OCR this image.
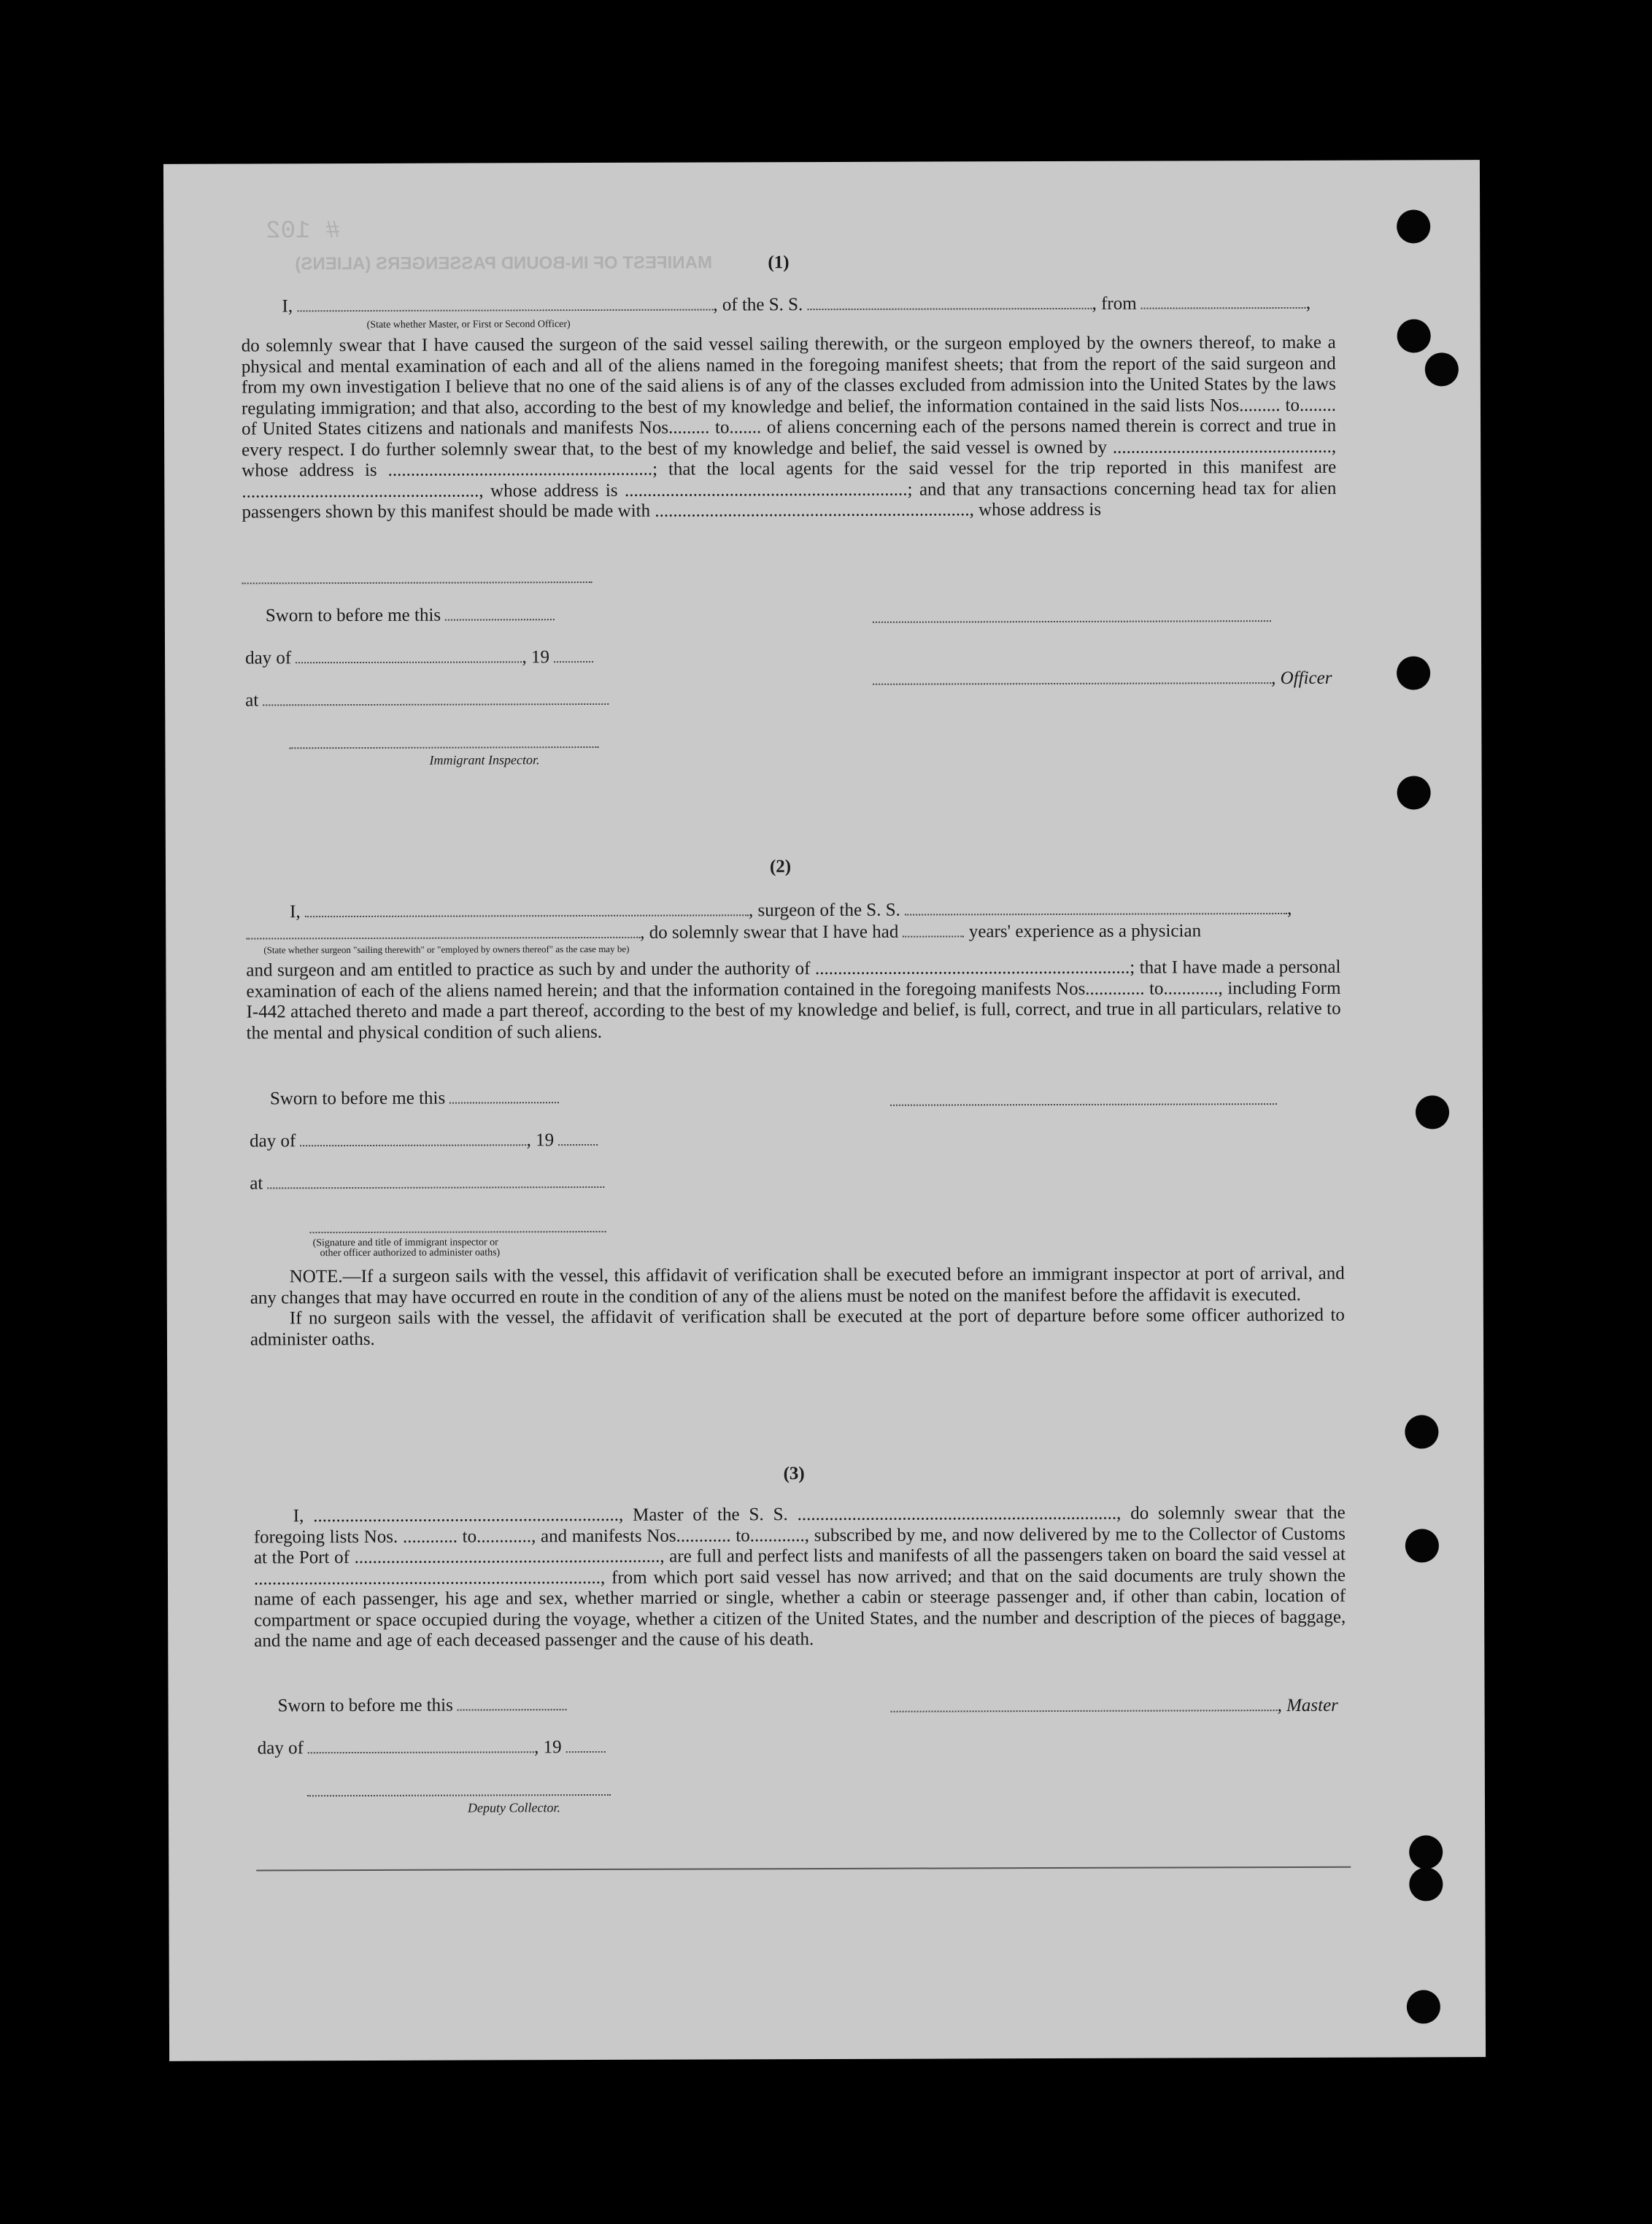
MANIFEST OF IN-BOUND PASSENGERS (ALIENS)
# 102
(1)
I,	, of the S. S.	, from	,
(State whether Master, or First or Second Officer)

do solemnly swear that I have caused the surgeon of the said vessel sailing therewith, or the surgeon employed by the owners thereof, to make a physical and mental examination of each and all of the aliens named in the foregoing manifest sheets; that from the report of the said surgeon and from my own investigation I believe that no one of the said aliens is of any of the classes excluded from admission into the United States by the laws regulating immigration; and that also, according to the best of my knowledge and belief, the information contained in the said lists Nos......... to........ of United States citizens and nationals and manifests Nos......... to....... of aliens concerning each of the persons named therein is correct and true in every respect. I do further solemnly swear that, to the best of my knowledge and belief, the said vessel is owned by ................................................, whose address is ..........................................................; that the local agents for the said vessel for the trip reported in this manifest are ...................................................., whose address is ..............................................................; and that any transactions concerning head tax for alien passengers shown by this manifest should be made with ....................................................................., whose address is

Sworn to before me this
day of	, 19
at
Immigrant Inspector.
, Officer
(2)
I,	, surgeon of the S. S.	,
, do solemnly swear that I have had	years' experience as a physician
(State whether surgeon "sailing therewith" or "employed by owners thereof" as the case may be)

and surgeon and am entitled to practice as such by and under the authority of .....................................................................; that I have made a personal examination of each of the aliens named herein; and that the information contained in the foregoing manifests Nos............. to............, including Form I-442 attached thereto and made a part thereof, according to the best of my knowledge and belief, is full, correct, and true in all particulars, relative to the mental and physical condition of such aliens.

Sworn to before me this
day of	, 19
at
(Signature and title of immigrant inspector or
other officer authorized to administer oaths)

NOTE.—If a surgeon sails with the vessel, this affidavit of verification shall be executed before an immigrant inspector at port of arrival, and any changes that may have occurred en route in the condition of any of the aliens must be noted on the manifest before the affidavit is executed.

If no surgeon sails with the vessel, the affidavit of verification shall be executed at the port of departure before some officer authorized to administer oaths.

(3)

I, ..................................................................., Master of the S. S. ......................................................................, do solemnly swear that the foregoing lists Nos. ............ to............, and manifests Nos............ to............, subscribed by me, and now delivered by me to the Collector of Customs at the Port of ..................................................................., are full and perfect lists and manifests of all the passengers taken on board the said vessel at ............................................................................, from which port said vessel has now arrived; and that on the said documents are truly shown the name of each passenger, his age and sex, whether married or single, whether a cabin or steerage passenger and, if other than cabin, location of compartment or space occupied during the voyage, whether a citizen of the United States, and the number and description of the pieces of baggage, and the name and age of each deceased passenger and the cause of his death.

Sworn to before me this	, Master
day of	, 19
Deputy Collector.
